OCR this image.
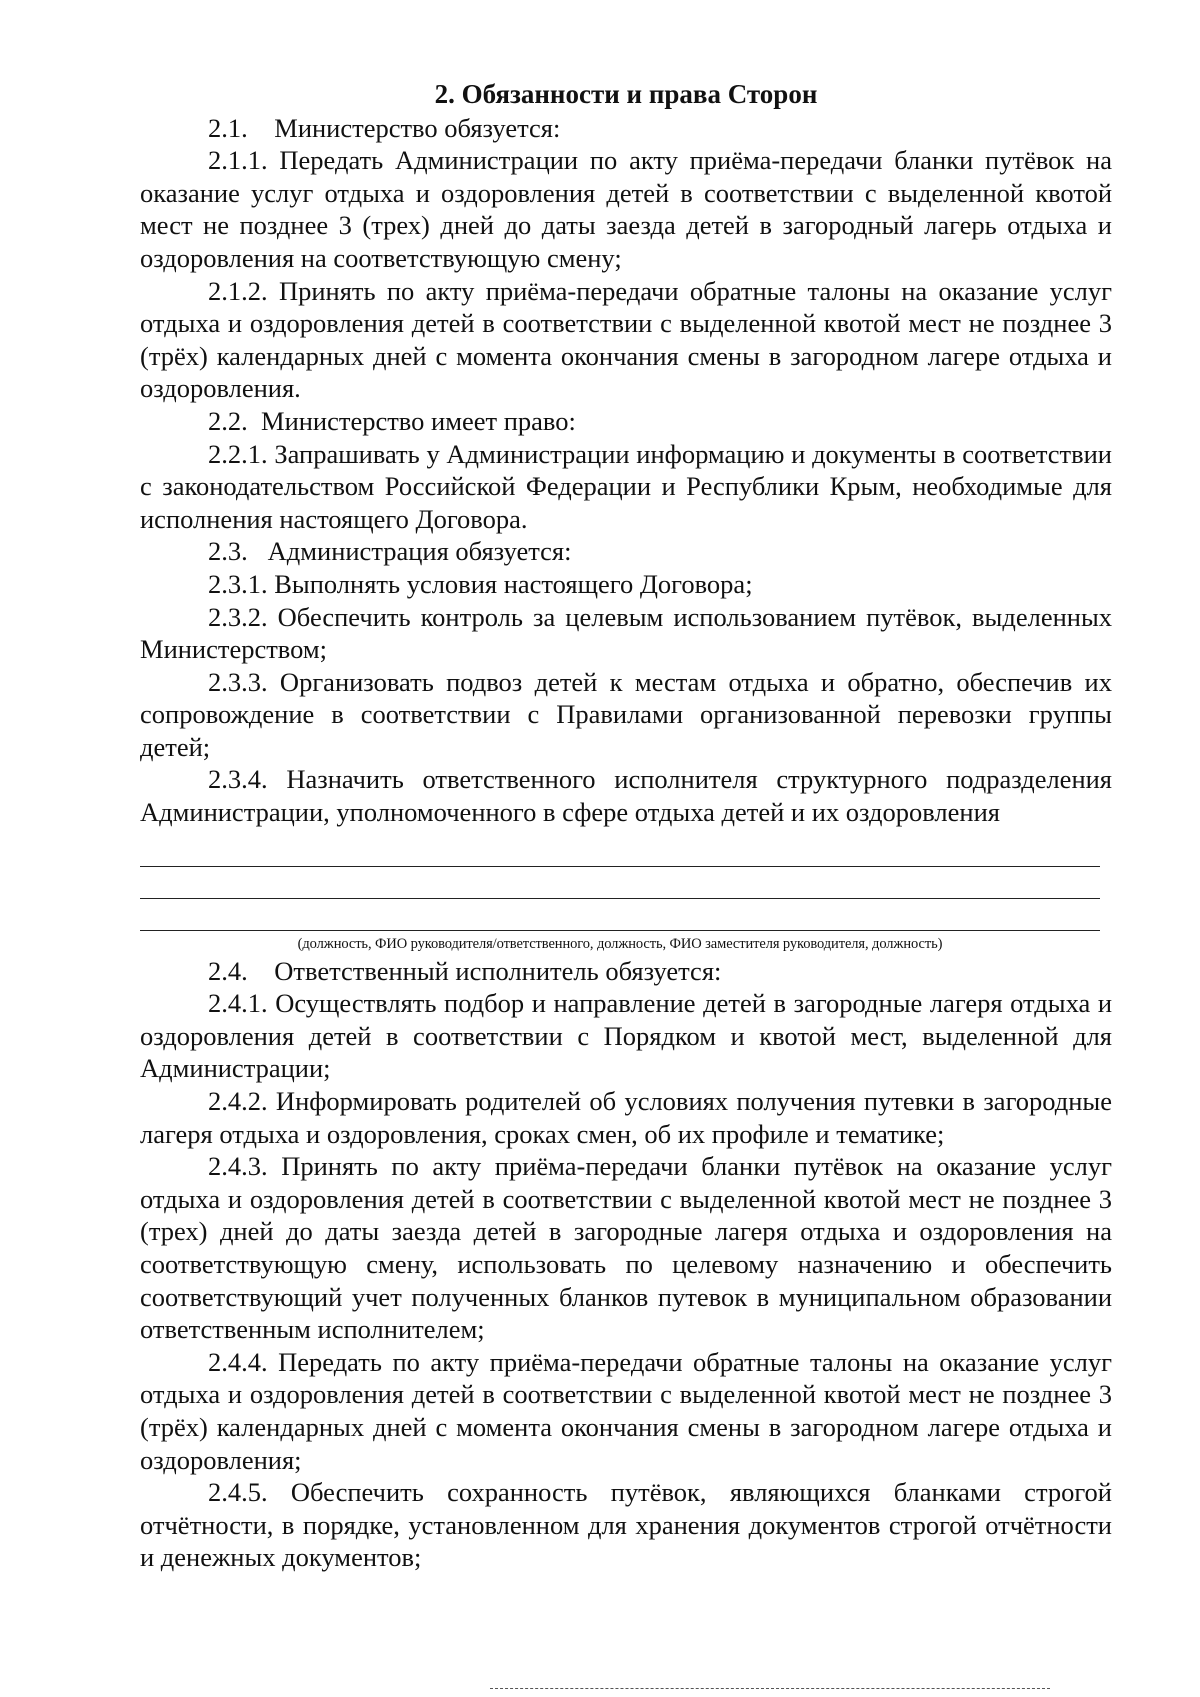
2. Обязанности и права Сторон
2.1.    Министерство обязуется:
2.1.1. Передать Администрации по акту приёма-передачи бланки путёвок на оказание услуг отдыха и оздоровления детей в соответствии с выделенной квотой мест не позднее 3 (трех) дней до даты заезда детей в загородный лагерь отдыха и оздоровления на соответствующую смену;
2.1.2. Принять по акту приёма-передачи обратные талоны на оказание услуг отдыха и оздоровления детей в соответствии с выделенной квотой мест не позднее 3 (трёх) календарных дней с момента окончания смены в загородном лагере отдыха и оздоровления.
2.2.  Министерство имеет право:
2.2.1. Запрашивать у Администрации информацию и документы в соответствии с законодательством Российской Федерации и Республики Крым, необходимые для исполнения настоящего Договора.
2.3.   Администрация обязуется:
2.3.1. Выполнять условия настоящего Договора;
2.3.2. Обеспечить контроль за целевым использованием путёвок, выделенных Министерством;
2.3.3. Организовать подвоз детей к местам отдыха и обратно, обеспечив их сопровождение в соответствии с Правилами организованной перевозки группы детей;
2.3.4. Назначить ответственного исполнителя структурного подразделения Администрации, уполномоченного в сфере отдыха детей и их оздоровления
(должность, ФИО руководителя/ответственного, должность, ФИО заместителя руководителя, должность)
2.4.    Ответственный исполнитель обязуется:
2.4.1. Осуществлять подбор и направление детей в загородные лагеря отдыха и оздоровления детей в соответствии с Порядком и квотой мест, выделенной для Администрации;
2.4.2. Информировать родителей об условиях получения путевки в загородные лагеря отдыха и оздоровления, сроках смен, об их профиле и тематике;
2.4.3. Принять по акту приёма-передачи бланки путёвок на оказание услуг отдыха и оздоровления детей в соответствии с выделенной квотой мест не позднее 3 (трех) дней до даты заезда детей в загородные лагеря отдыха и оздоровления на соответствующую смену, использовать по целевому назначению и обеспечить соответствующий учет полученных бланков путевок в муниципальном образовании ответственным исполнителем;
2.4.4. Передать по акту приёма-передачи обратные талоны на оказание услуг отдыха и оздоровления детей в соответствии с выделенной квотой мест не позднее 3 (трёх) календарных дней с момента окончания смены в загородном лагере отдыха и оздоровления;
2.4.5. Обеспечить сохранность путёвок, являющихся бланками строгой отчётности, в порядке, установленном для хранения документов строгой отчётности и денежных документов;
